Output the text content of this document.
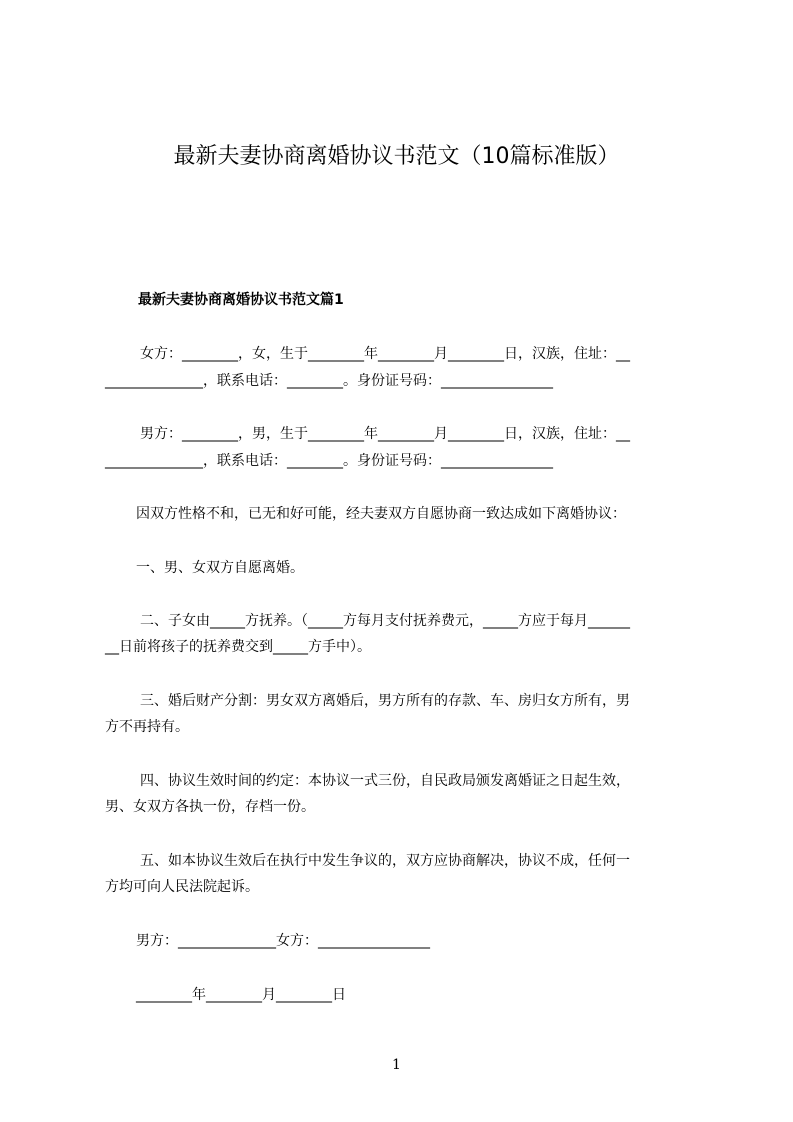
最新夫妻协商离婚协议书范文（10篇标准版）
最新夫妻协商离婚协议书范文篇1
女方：________，女，生于________年________月________日，汉族，住址：__
______________，联系电话：________。身份证号码：________________
男方：________，男，生于________年________月________日，汉族，住址：__
______________，联系电话：________。身份证号码：________________
因双方性格不和，已无和好可能，经夫妻双方自愿协商一致达成如下离婚协议：
一、男、女双方自愿离婚。
二、子女由_____方抚养。（_____方每月支付抚养费元，_____方应于每月______
__日前将孩子的抚养费交到_____方手中）。
三、婚后财产分割：男女双方离婚后，男方所有的存款、车、房归女方所有，男
方不再持有。
四、协议生效时间的约定：本协议一式三份，自民政局颁发离婚证之日起生效，
男、女双方各执一份，存档一份。
五、如本协议生效后在执行中发生争议的，双方应协商解决，协议不成，任何一
方均可向人民法院起诉。
男方：______________女方：________________
________年________月________日
1
